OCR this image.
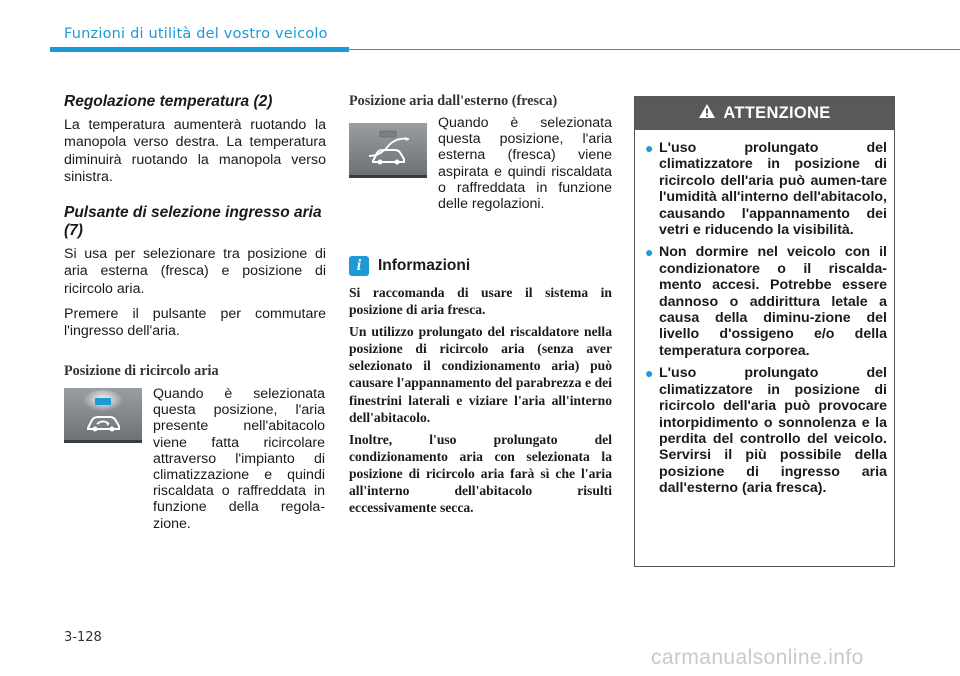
Funzioni di utilità del vostro veicolo
Regolazione temperatura (2)

La temperatura aumenterà ruotando la manopola verso destra. La temperatura diminuirà ruotando la manopola verso sinistra.

Pulsante di selezione ingresso aria (7)

Si usa per selezionare tra posizione di aria esterna (fresca) e posizione di ricircolo aria.

Premere il pulsante per commutare l'ingresso dell'aria.

Posizione di ricircolo aria
Quando è selezionata questa posizione, l'aria presente nell'abitacolo viene fatta ricircolare attraverso l'impianto di climatizzazione e quindi riscaldata o raffreddata in funzione della regola-zione.
Posizione aria dall'esterno (fresca)
Quando è selezionata questa posizione, l'aria esterna (fresca) viene aspirata e quindi riscaldata o raffreddata in funzione delle regolazioni.
i	Informazioni

Si raccomanda di usare il sistema in posizione di aria fresca.

Un utilizzo prolungato del riscaldatore nella posizione di ricircolo aria (senza aver selezionato il condizionamento aria) può causare l'appannamento del parabrezza e dei finestrini laterali e viziare l'aria all'interno dell'abitacolo.

Inoltre, l'uso prolungato del condizionamento aria con selezionata la posizione di ricircolo aria farà sì che l'aria all'interno dell'abitacolo risulti eccessivamente secca.

ATTENZIONE
● L'uso prolungato del climatizzatore in posizione di ricircolo dell'aria può aumen-tare l'umidità all'interno dell'abitacolo, causando l'appannamento dei vetri e riducendo la visibilità.
● Non dormire nel veicolo con il condizionatore o il riscalda-mento accesi. Potrebbe essere dannoso o addirittura letale a causa della diminu-zione del livello d'ossigeno e/o della temperatura corporea.
● L'uso prolungato del climatizzatore in posizione di ricircolo dell'aria può provocare intorpidimento o sonnolenza e la perdita del controllo del veicolo. Servirsi il più possibile della posizione di ingresso aria dall'esterno (aria fresca).
3-128
carmanualsonline.info
